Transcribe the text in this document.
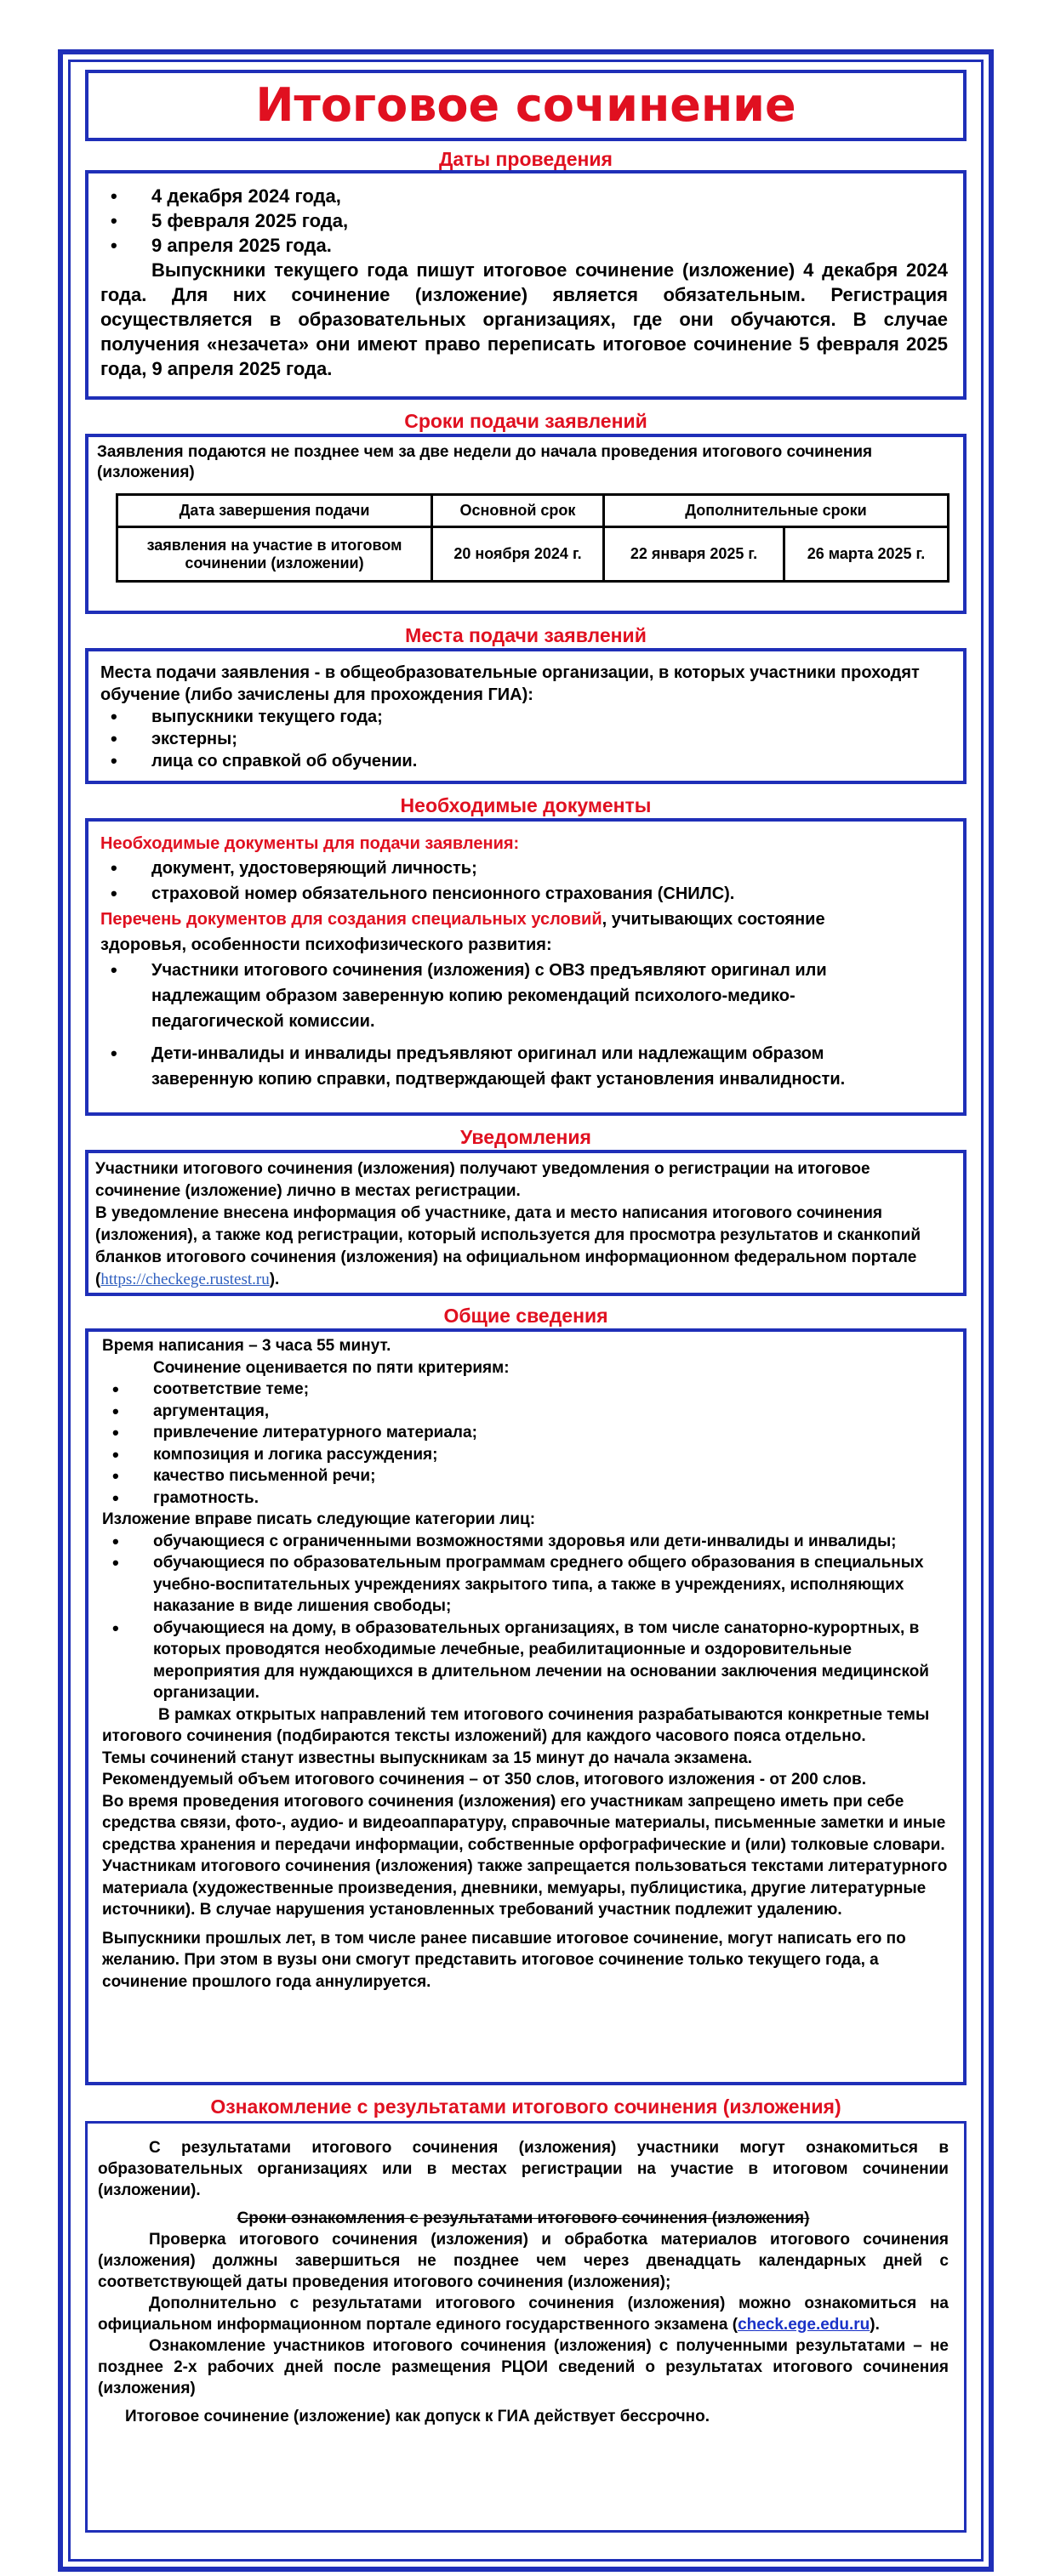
Итоговое сочинение
Даты проведения
• 4 декабря 2024 года,
• 5 февраля 2025 года,
• 9 апреля 2025 года.

Выпускники текущего года пишут итоговое сочинение (изложение) 4 декабря 2024 года. Для них сочинение (изложение) является обязательным. Регистрация осуществляется в образовательных организациях, где они обучаются. В случае получения «незачета» они имеют право переписать итоговое сочинение 5 февраля 2025 года, 9 апреля 2025 года.

Сроки подачи заявлений

Заявления подаются не позднее чем за две недели до начала проведения итогового сочинения (изложения)

Дата завершения подачи	Основной срок	Дополнительные сроки	
заявления на участие в итоговом сочинении (изложении)	20 ноября 2024 г.	22 января 2025 г.	26 марта 2025 г.
Места подачи заявлений

Места подачи заявления - в общеобразовательные организации, в которых участники проходят обучение (либо зачислены для прохождения ГИА):

• выпускники текущего года;
• экстерны;
• лица со справкой об обучении.
Необходимые документы

Необходимые документы для подачи заявления:

• документ, удостоверяющий личность;
• страховой номер обязательного пенсионного страхования (СНИЛС).

Перечень документов для создания специальных условий, учитывающих состояние здоровья, особенности психофизического развития:

• Участники итогового сочинения (изложения) с ОВЗ предъявляют оригинал или надлежащим образом заверенную копию рекомендаций психолого-медико-педагогической комиссии.
• Дети-инвалиды и инвалиды предъявляют оригинал или надлежащим образом заверенную копию справки, подтверждающей факт установления инвалидности.
Уведомления

Участники итогового сочинения (изложения) получают уведомления о регистрации на итоговое сочинение (изложение) лично в местах регистрации.

В уведомление внесена информация об участнике, дата и место написания итогового сочинения (изложения), а также код регистрации, который используется для просмотра результатов и сканкопий бланков итогового сочинения (изложения) на официальном информационном федеральном портале (https://checkege.rustest.ru).

Общие сведения

Время написания – 3 часа 55 минут.

Сочинение оценивается по пяти критериям:

• соответствие теме;
• аргументация,
• привлечение литературного материала;
• композиция и логика рассуждения;
• качество письменной речи;
• грамотность.

Изложение вправе писать следующие категории лиц:

• обучающиеся с ограниченными возможностями здоровья или дети-инвалиды и инвалиды;
• обучающиеся по образовательным программам среднего общего образования в специальных учебно-воспитательных учреждениях закрытого типа, а также в учреждениях, исполняющих наказание в виде лишения свободы;
• обучающиеся на дому, в образовательных организациях, в том числе санаторно-курортных, в которых проводятся необходимые лечебные, реабилитационные и оздоровительные мероприятия для нуждающихся в длительном лечении на основании заключения медицинской организации.

В рамках открытых направлений тем итогового сочинения разрабатываются конкретные темы итогового сочинения (подбираются тексты изложений) для каждого часового пояса отдельно.

Темы сочинений станут известны выпускникам за 15 минут до начала экзамена.

Рекомендуемый объем итогового сочинения – от 350 слов, итогового изложения - от 200 слов.

Во время проведения итогового сочинения (изложения) его участникам запрещено иметь при себе средства связи, фото-, аудио- и видеоаппаратуру, справочные материалы, письменные заметки и иные средства хранения и передачи информации, собственные орфографические и (или) толковые словари. Участникам итогового сочинения (изложения) также запрещается пользоваться текстами литературного материала (художественные произведения, дневники, мемуары, публицистика, другие литературные источники). В случае нарушения установленных требований участник подлежит удалению.

Выпускники прошлых лет, в том числе ранее писавшие итоговое сочинение, могут написать его по желанию. При этом в вузы они смогут представить итоговое сочинение только текущего года, а сочинение прошлого года аннулируется.

Ознакомление с результатами итогового сочинения (изложения)

С результатами итогового сочинения (изложения) участники могут ознакомиться в образовательных организациях или в местах регистрации на участие в итоговом сочинении (изложении).

Сроки ознакомления с результатами итогового сочинения (изложения)

Проверка итогового сочинения (изложения) и обработка материалов итогового сочинения (изложения) должны завершиться не позднее чем через двенадцать календарных дней с соответствующей даты проведения итогового сочинения (изложения);

Дополнительно с результатами итогового сочинения (изложения) можно ознакомиться на официальном информационном портале единого государственного экзамена (check.ege.edu.ru).

Ознакомление участников итогового сочинения (изложения) с полученными результатами – не позднее 2-х рабочих дней после размещения РЦОИ сведений о результатах итогового сочинения (изложения)

Итоговое сочинение (изложение) как допуск к ГИА действует бессрочно.
